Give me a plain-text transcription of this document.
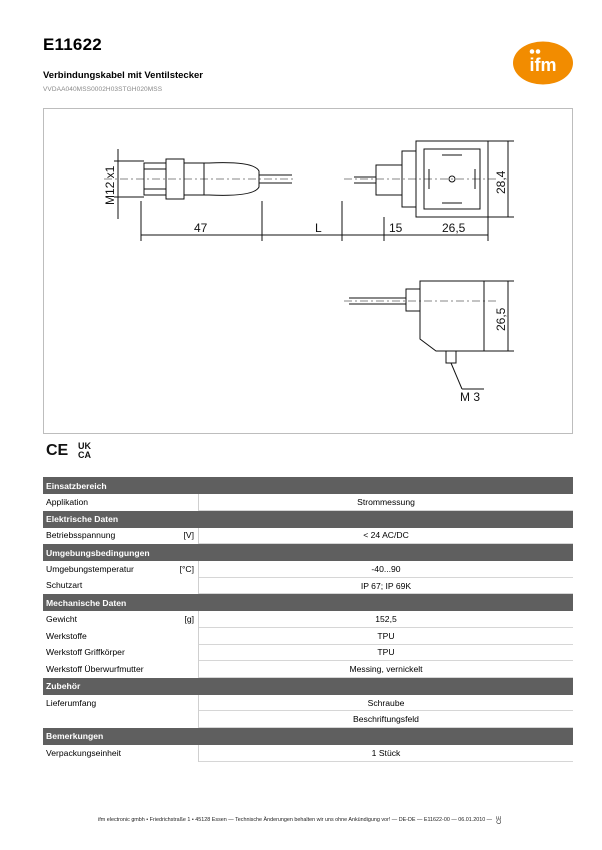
E11622
Verbindungskabel mit Ventilstecker
VVDAA040MSS0002H03STGH020MSS
ifm
M12 x1
47	L	15	26,5
28,4
26,5
M 3
CE UK
CA
Einsatzbereich		
Applikation		Strommessung
Elektrische Daten		
Betriebsspannung	[V]	< 24 AC/DC
Umgebungsbedingungen		
Umgebungstemperatur	[°C]	-40...90
Schutzart		IP 67; IP 69K
Mechanische Daten		
Gewicht	[g]	152,5
Werkstoffe		TPU
Werkstoff Griffkörper		TPU
Werkstoff Überwurfmutter		Messing, vernickelt
Zubehör		
Lieferumfang		Schraube
		Beschriftungsfeld
Bemerkungen		
Verpackungseinheit		1 Stück
ifm electronic gmbh • Friedrichstraße 1 • 45128 Essen — Technische Änderungen behalten wir uns ohne Ankündigung vor! — DE-DE — E11622-00 — 06.01.2010 — CE
